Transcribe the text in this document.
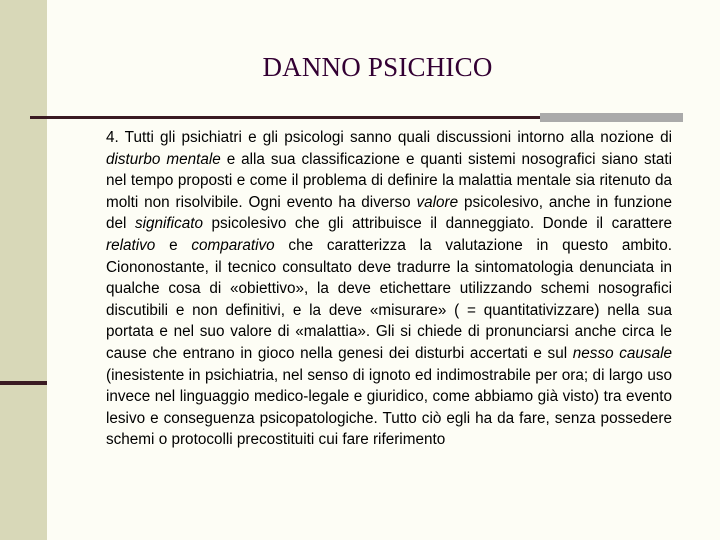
DANNO PSICHICO
4. Tutti gli psichiatri e gli psicologi sanno quali discussioni intorno alla nozione di disturbo mentale e alla sua classificazione e quanti sistemi nosografici siano stati nel tempo proposti e come il problema di definire la malattia mentale sia ritenuto da molti non risolvibile. Ogni evento ha diverso valore psicolesivo, anche in funzione del significato psicolesivo che gli attribuisce il danneggiato. Donde il carattere relativo e comparativo che caratterizza la valutazione in questo ambito. Ciononostante, il tecnico consultato deve tradurre la sintomatologia denunciata in qualche cosa di «obiettivo», la deve etichettare utilizzando schemi nosografici discutibili e non definitivi, e la deve «misurare» ( = quantitativizzare) nella sua portata e nel suo valore di «malattia». Gli si chiede di pronunciarsi anche circa le cause che entrano in gioco nella genesi dei disturbi accertati e sul nesso causale (inesistente in psichiatria, nel senso di ignoto ed indimostrabile per ora; di largo uso invece nel linguaggio medico-legale e giuridico, come abbiamo già visto) tra evento lesivo e conseguenza psicopatologiche. Tutto ciò egli ha da fare, senza possedere schemi o protocolli precostituiti cui fare riferimento
